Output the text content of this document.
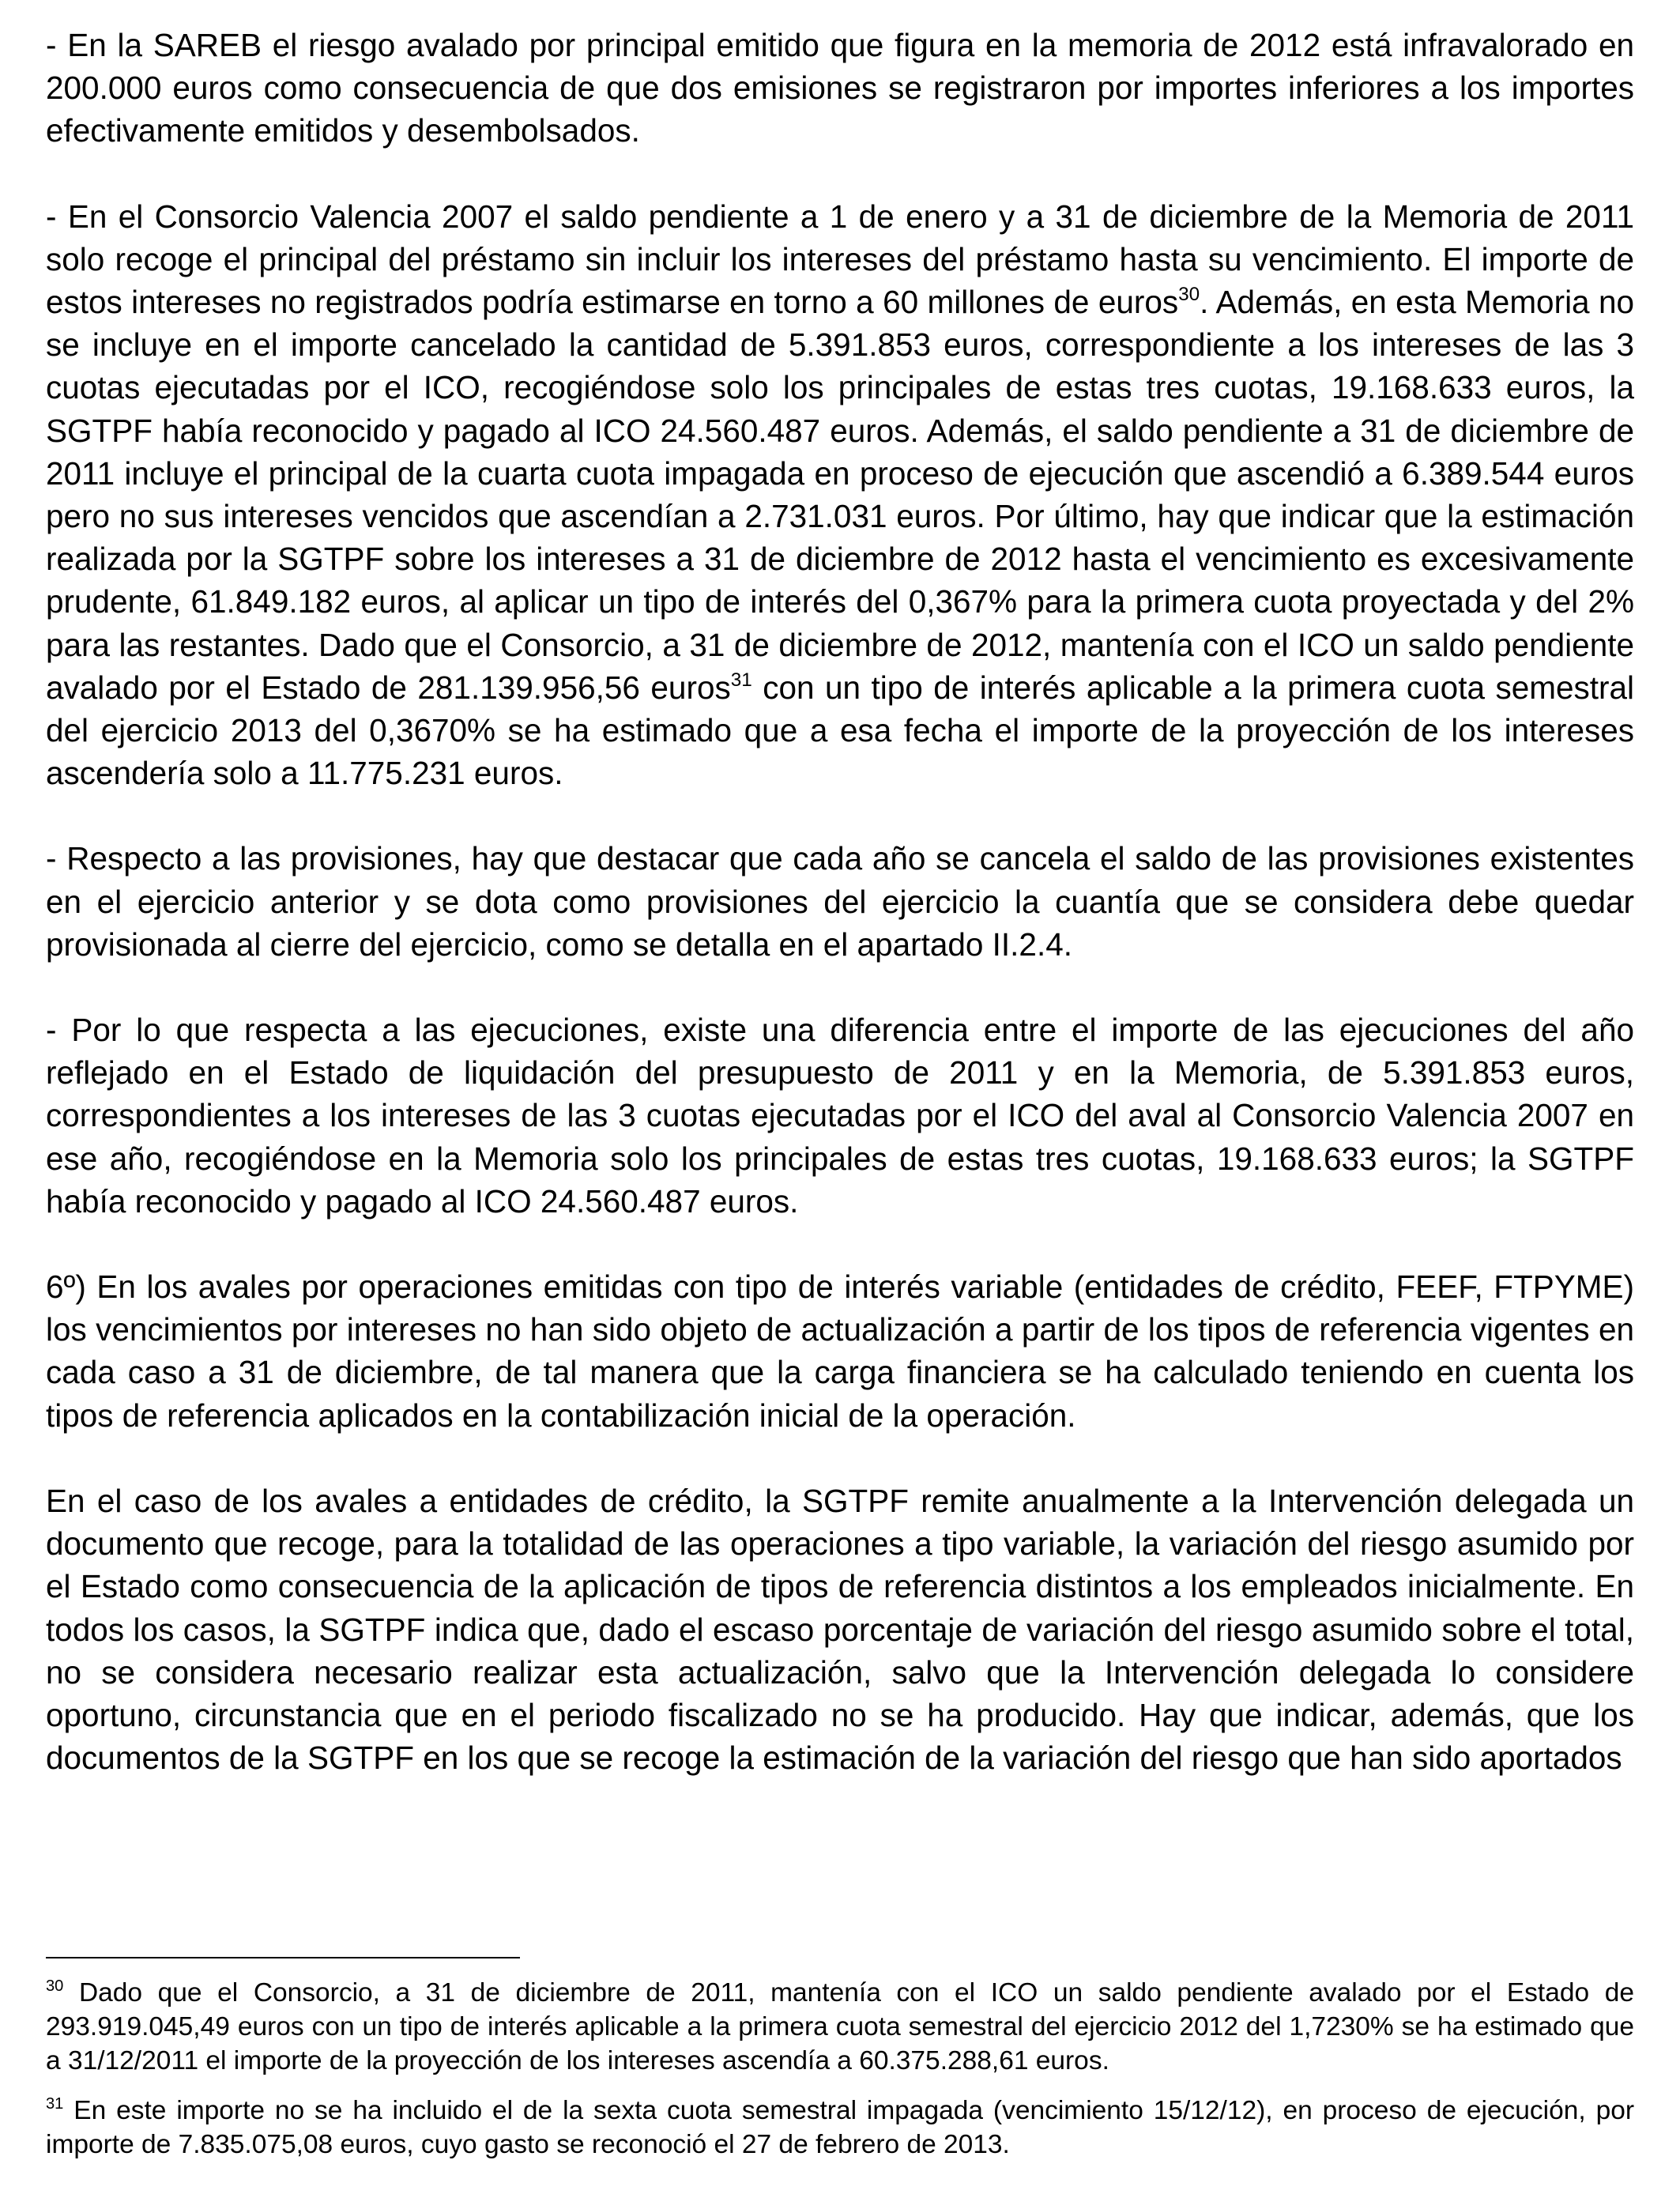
- En la SAREB el riesgo avalado por principal emitido que figura en la memoria de 2012 está infravalorado en 200.000 euros como consecuencia de que dos emisiones se registraron por importes inferiores a los importes efectivamente emitidos y desembolsados.

- En el Consorcio Valencia 2007 el saldo pendiente a 1 de enero y a 31 de diciembre de la Memoria de 2011 solo recoge el principal del préstamo sin incluir los intereses del préstamo hasta su vencimiento. El importe de estos intereses no registrados podría estimarse en torno a 60 millones de euros$^{30}$. Además, en esta Memoria no se incluye en el importe cancelado la cantidad de 5.391.853 euros, correspondiente a los intereses de las 3 cuotas ejecutadas por el ICO, recogiéndose solo los principales de estas tres cuotas, 19.168.633 euros, la SGTPF había reconocido y pagado al ICO 24.560.487 euros. Además, el saldo pendiente a 31 de diciembre de 2011 incluye el principal de la cuarta cuota impagada en proceso de ejecución que ascendió a 6.389.544 euros pero no sus intereses vencidos que ascendían a 2.731.031 euros. Por último, hay que indicar que la estimación realizada por la SGTPF sobre los intereses a 31 de diciembre de 2012 hasta el vencimiento es excesivamente prudente, 61.849.182 euros, al aplicar un tipo de interés del 0,367% para la primera cuota proyectada y del 2% para las restantes. Dado que el Consorcio, a 31 de diciembre de 2012, mantenía con el ICO un saldo pendiente avalado por el Estado de 281.139.956,56 euros$^{31}$ con un tipo de interés aplicable a la primera cuota semestral del ejercicio 2013 del 0,3670% se ha estimado que a esa fecha el importe de la proyección de los intereses ascendería solo a 11.775.231 euros.

- Respecto a las provisiones, hay que destacar que cada año se cancela el saldo de las provisiones existentes en el ejercicio anterior y se dota como provisiones del ejercicio la cuantía que se considera debe quedar provisionada al cierre del ejercicio, como se detalla en el apartado II.2.4.

- Por lo que respecta a las ejecuciones, existe una diferencia entre el importe de las ejecuciones del año reflejado en el Estado de liquidación del presupuesto de 2011 y en la Memoria, de 5.391.853 euros, correspondientes a los intereses de las 3 cuotas ejecutadas por el ICO del aval al Consorcio Valencia 2007 en ese año, recogiéndose en la Memoria solo los principales de estas tres cuotas, 19.168.633 euros; la SGTPF había reconocido y pagado al ICO 24.560.487 euros.

6º) En los avales por operaciones emitidas con tipo de interés variable (entidades de crédito, FEEF, FTPYME) los vencimientos por intereses no han sido objeto de actualización a partir de los tipos de referencia vigentes en cada caso a 31 de diciembre, de tal manera que la carga financiera se ha calculado teniendo en cuenta los tipos de referencia aplicados en la contabilización inicial de la operación.

En el caso de los avales a entidades de crédito, la SGTPF remite anualmente a la Intervención delegada un documento que recoge, para la totalidad de las operaciones a tipo variable, la variación del riesgo asumido por el Estado como consecuencia de la aplicación de tipos de referencia distintos a los empleados inicialmente. En todos los casos, la SGTPF indica que, dado el escaso porcentaje de variación del riesgo asumido sobre el total, no se considera necesario realizar esta actualización, salvo que la Intervención delegada lo considere oportuno, circunstancia que en el periodo fiscalizado no se ha producido. Hay que indicar, además, que los documentos de la SGTPF en los que se recoge la estimación de la variación del riesgo que han sido aportados

$^{30}$ Dado que el Consorcio, a 31 de diciembre de 2011, mantenía con el ICO un saldo pendiente avalado por el Estado de 293.919.045,49 euros con un tipo de interés aplicable a la primera cuota semestral del ejercicio 2012 del 1,7230% se ha estimado que a 31/12/2011 el importe de la proyección de los intereses ascendía a 60.375.288,61 euros.

$^{31}$ En este importe no se ha incluido el de la sexta cuota semestral impagada (vencimiento 15/12/12), en proceso de ejecución, por importe de 7.835.075,08 euros, cuyo gasto se reconoció el 27 de febrero de 2013.
